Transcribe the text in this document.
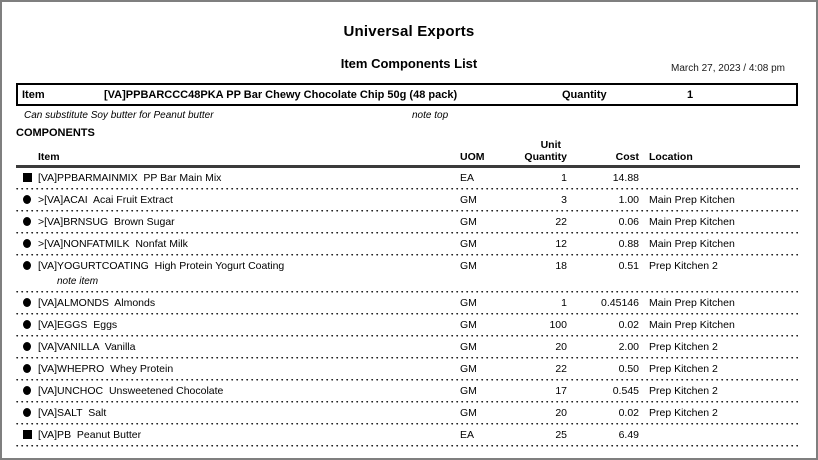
Universal Exports
Item Components List	March 27, 2023 / 4:08 pm
Item	[VA]PPBARCCC48PKA PP Bar Chewy Chocolate Chip 50g (48 pack)	Quantity	1
Can substitute Soy butter for Peanut butter	note top
COMPONENTS
Item	UOM
Unit
Quantity	Cost Location
[VA]PPBARMAINMIX  PP Bar Main Mix	EA	1	14.88
>[VA]ACAI  Acai Fruit Extract	GM	3	1.00 Main Prep Kitchen
>[VA]BRNSUG  Brown Sugar	GM	22	0.06 Main Prep Kitchen
>[VA]NONFATMILK  Nonfat Milk	GM	12	0.88 Main Prep Kitchen
[VA]YOGURTCOATING  High Protein Yogurt Coating	GM	18	0.51 Prep Kitchen 2
note item
[VA]ALMONDS  Almonds	GM	1	0.45146 Main Prep Kitchen
[VA]EGGS  Eggs	GM	100	0.02 Main Prep Kitchen
[VA]VANILLA  Vanilla	GM	20	2.00 Prep Kitchen 2
[VA]WHEPRO  Whey Protein	GM	22	0.50 Prep Kitchen 2
[VA]UNCHOC  Unsweetened Chocolate	GM	17	0.545 Prep Kitchen 2
[VA]SALT  Salt	GM	20	0.02 Prep Kitchen 2
[VA]PB  Peanut Butter	EA	25	6.49
